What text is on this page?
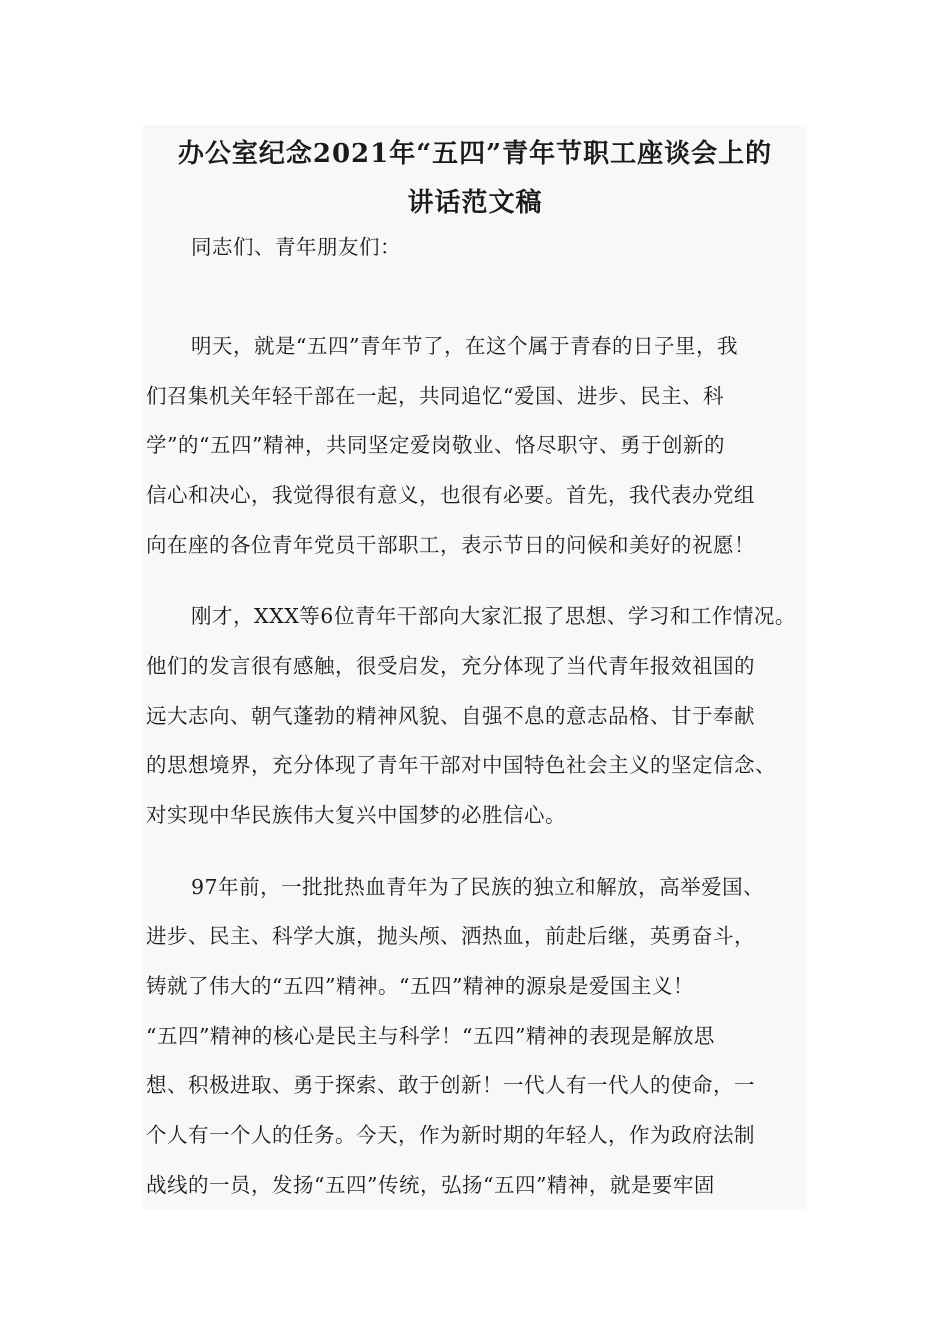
办公室纪念2021年“五四”青年节职工座谈会上的
讲话范文稿
同志们、青年朋友们：
明天，就是“五四”青年节了，在这个属于青春的日子里，我
们召集机关年轻干部在一起，共同追忆“爱国、进步、民主、科
学”的“五四”精神，共同坚定爱岗敬业、恪尽职守、勇于创新的
信心和决心，我觉得很有意义，也很有必要。首先，我代表办党组
向在座的各位青年党员干部职工，表示节日的问候和美好的祝愿！
刚才，XXX等6位青年干部向大家汇报了思想、学习和工作情况。
他们的发言很有感触，很受启发，充分体现了当代青年报效祖国的
远大志向、朝气蓬勃的精神风貌、自强不息的意志品格、甘于奉献
的思想境界，充分体现了青年干部对中国特色社会主义的坚定信念、
对实现中华民族伟大复兴中国梦的必胜信心。
97年前，一批批热血青年为了民族的独立和解放，高举爱国、
进步、民主、科学大旗，抛头颅、洒热血，前赴后继，英勇奋斗，
铸就了伟大的“五四”精神。“五四”精神的源泉是爱国主义！
“五四”精神的核心是民主与科学！“五四”精神的表现是解放思
想、积极进取、勇于探索、敢于创新！一代人有一代人的使命，一
个人有一个人的任务。今天，作为新时期的年轻人，作为政府法制
战线的一员，发扬“五四”传统，弘扬“五四”精神，就是要牢固
